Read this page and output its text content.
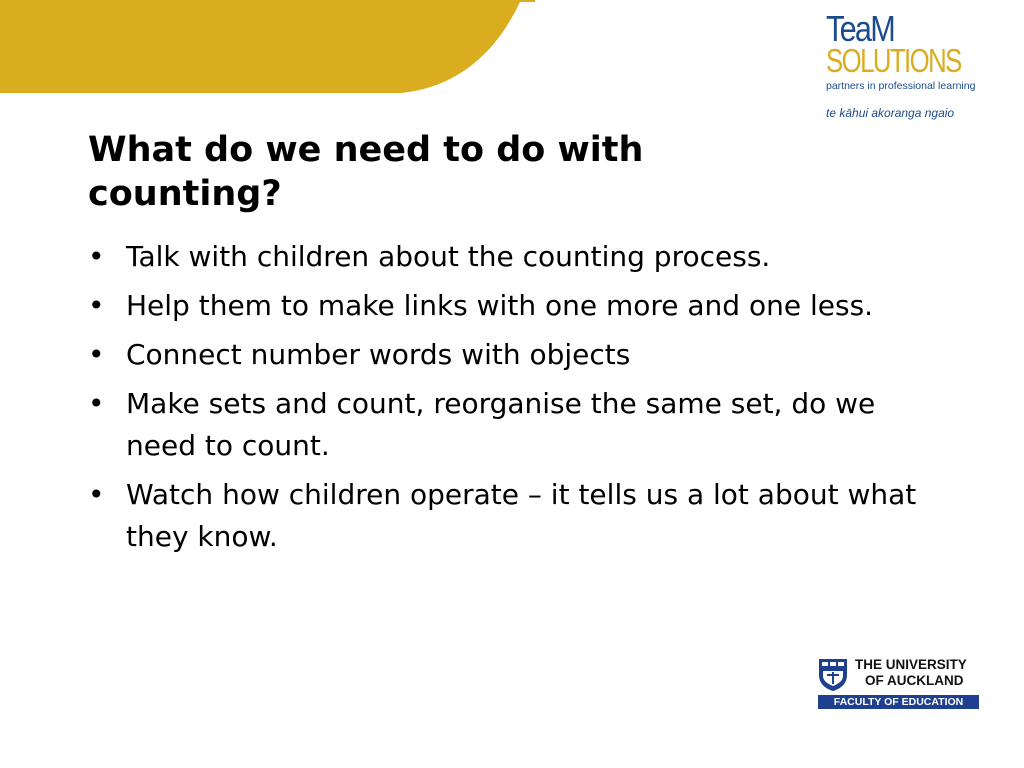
TeaM
SOLUTIONS
partners in professional learning
te kāhui akoranga ngaio
What do we need to do with counting?
• Talk with children about the counting process.
• Help them to make links with one more and one less.
• Connect number words with objects
• Make sets and count, reorganise the same set, do we need to count.
• Watch how children operate – it tells us a lot about what they know.
THE UNIVERSITY
OF AUCKLAND
FACULTY OF EDUCATION
